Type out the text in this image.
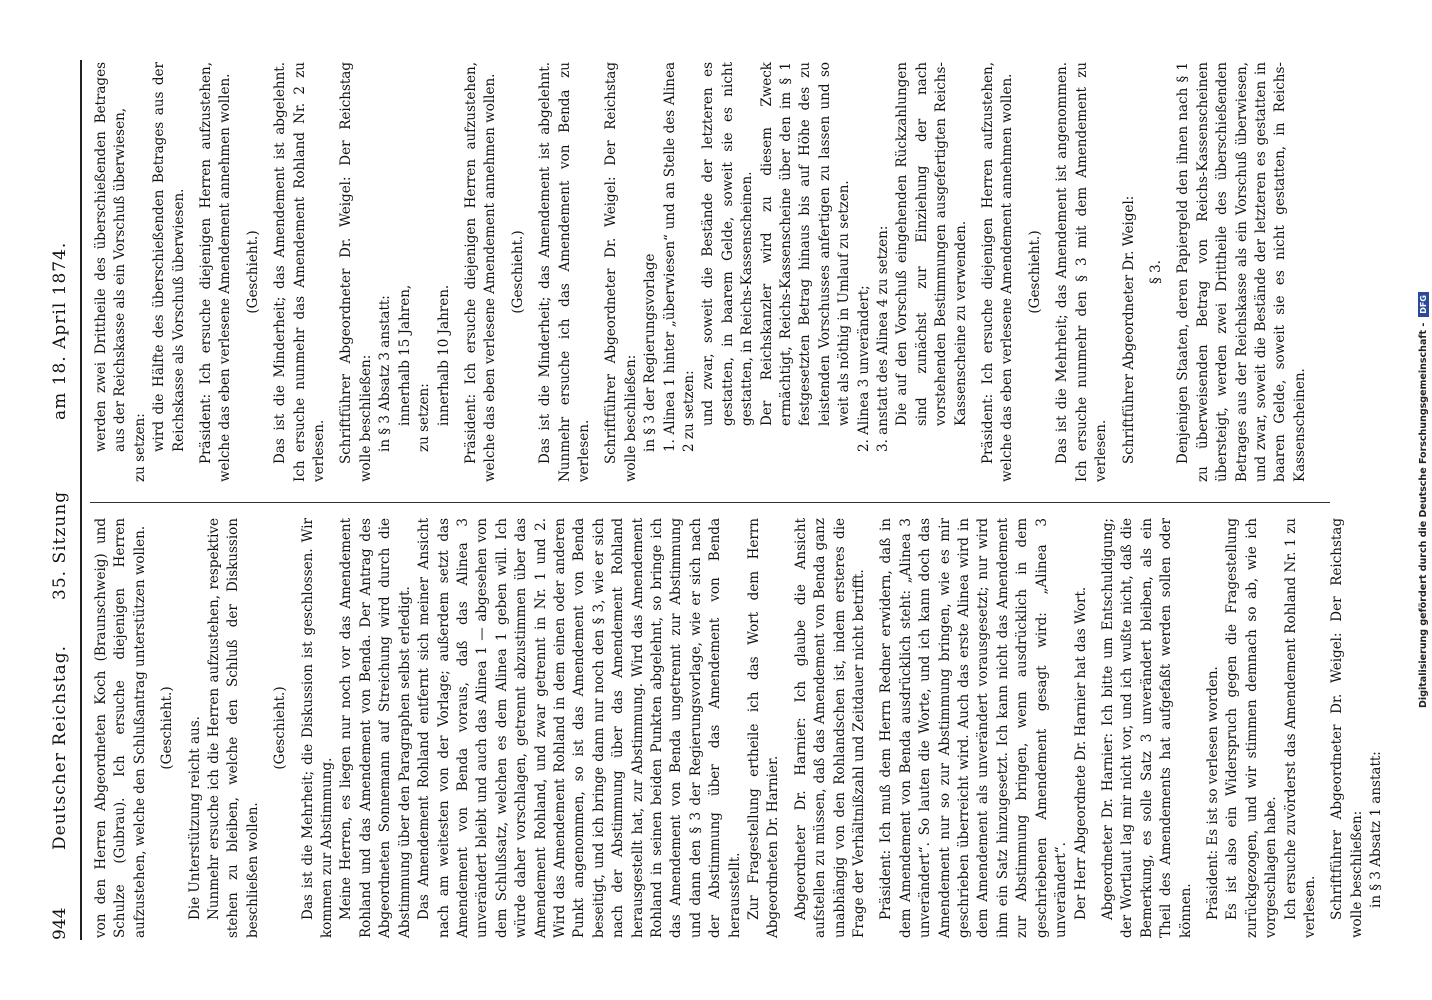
944
Deutscher Reichstag.
35. Sitzung
am 18. April 1874.

von den Herren Abgeordneten Koch (Braunschweig) und Schulze (Gubrau). Ich ersuche diejenigen Herren aufzustehen, welche den Schlußantrag unterstützen wollen. (Geschieht.) Die Unterstützung reicht aus. Nunmehr ersuche ich die Herren aufzustehen, respektive stehen zu bleiben, welche den Schluß der Diskussion beschließen wollen.

(Geschieht.) Das ist die Mehrheit; die Diskussion ist geschlossen. Wir kommen zur Abstimmung. Meine Herren, es liegen nur noch vor das Amendement Rohland und das Amendement von Benda. Der Antrag des Abgeordneten Sonnemann auf Streichung wird durch die Abstimmung über den Paragraphen selbst erledigt. Das Amendement Rohland entfernt sich meiner Ansicht nach am weitesten von der Vorlage; außerdem setzt das Amendement von Benda voraus, daß das Alinea 3 unverändert bleibt und auch das Alinea 1 — abgesehen von dem Schlußsatz, welchen es dem Alinea 1 geben will. Ich würde daher vorschlagen, getrennt abzustimmen über das Amendement Rohland, und zwar getrennt in Nr. 1 und 2. Wird das Amendement Rohland in dem einen oder anderen Punkt angenommen, so ist das Amendement von Benda beseitigt, und ich bringe dann nur noch den § 3, wie er sich nach der Abstimmung über das Amendement Rohland herausgestellt hat, zur Abstimmung. Wird das Amendement Rohland in seinen beiden Punkten abgelehnt, so bringe ich das Amendement von Benda ungetrennt zur Abstimmung und dann den § 3 der Regierungsvorlage, wie er sich nach der Abstimmung über das Amendement von Benda herausstellt. Zur Fragestellung ertheile ich das Wort dem Herrn Abgeordneten Dr. Harnier. Abgeordneter Dr. Harnier: Ich glaube die Ansicht aufstellen zu müssen, daß das Amendement von Benda ganz unabhängig von den Rohlandschen ist, indem ersteres die Frage der Verhältnißzahl und Zeitdauer nicht betrifft. Präsident: Ich muß dem Herrn Redner erwidern, daß in dem Amendement von Benda ausdrücklich steht: „Alinea 3 unverändert“. So lauten die Worte, und ich kann doch das Amendement nur so zur Abstimmung bringen, wie es mir geschrieben überreicht wird. Auch das erste Alinea wird in dem Amendement als unverändert vorausgesetzt; nur wird ihm ein Satz hinzugesetzt. Ich kann nicht das Amendement zur Abstimmung bringen, wenn ausdrücklich in dem geschriebenen Amendement gesagt wird: „Alinea 3 unverändert“. Der Herr Abgeordnete Dr. Harnier hat das Wort. Abgeordneter Dr. Harnier: Ich bitte um Entschuldigung; der Wortlaut lag mir nicht vor, und ich wußte nicht, daß die Bemerkung, es solle Satz 3 unverändert bleiben, als ein Theil des Amendements hat aufgefaßt werden sollen oder können. Präsident: Es ist so verlesen worden. Es ist also ein Widerspruch gegen die Fragestellung zurückgezogen, und wir stimmen demnach so ab, wie ich vorgeschlagen habe. Ich ersuche zuvörderst das Amendement Rohland Nr. 1 zu verlesen. Schriftführer Abgeordneter Dr. Weigel: Der Reichstag wolle beschließen: in § 3 Absatz 1 anstatt:

werden zwei Drittheile des überschießenden Betrages aus der Reichskasse als ein Vorschuß überwiesen, zu setzen: wird die Hälfte des überschießenden Betrages aus der Reichskasse als Vorschuß überwiesen. Präsident: Ich ersuche diejenigen Herren aufzustehen, welche das eben verlesene Amendement annehmen wollen. (Geschieht.) Das ist die Minderheit; das Amendement ist abgelehnt. Ich ersuche nunmehr das Amendement Rohland Nr. 2 zu verlesen. Schriftführer Abgeordneter Dr. Weigel: Der Reichstag wolle beschließen: in § 3 Absatz 3 anstatt: innerhalb 15 Jahren, zu setzen: innerhalb 10 Jahren. Präsident: Ich ersuche diejenigen Herren aufzustehen, welche das eben verlesene Amendement annehmen wollen. (Geschieht.) Das ist die Minderheit; das Amendement ist abgelehnt. Nunmehr ersuche ich das Amendement von Benda zu verlesen. Schriftführer Abgeordneter Dr. Weigel: Der Reichstag wolle beschließen: in § 3 der Regierungsvorlage 1. Alinea 1 hinter „überwiesen“ und an Stelle des Alinea 2 zu setzen: und zwar, soweit die Bestände der letzteren es gestatten, in baarem Gelde, soweit sie es nicht gestatten, in Reichs-Kassenscheinen. Der Reichskanzler wird zu diesem Zweck ermächtigt, Reichs-Kassenscheine über den im § 1 festgesetzten Betrag hinaus bis auf Höhe des zu leistenden Vorschusses anfertigen zu lassen und so weit als nöthig in Umlauf zu setzen. 2. Alinea 3 unverändert; 3. anstatt des Alinea 4 zu setzen: Die auf den Vorschuß eingehenden Rückzahlungen sind zunächst zur Einziehung der nach vorstehenden Bestimmungen ausgefertigten Reichs-Kassenscheine zu verwenden. Präsident: Ich ersuche diejenigen Herren aufzustehen, welche das eben verlesene Amendement annehmen wollen. (Geschieht.) Das ist die Mehrheit; das Amendement ist angenommen. Ich ersuche nunmehr den § 3 mit dem Amendement zu verlesen. Schriftführer Abgeordneter Dr. Weigel: § 3. Denjenigen Staaten, deren Papiergeld den ihnen nach § 1 zu überweisenden Betrag von Reichs-Kassenscheinen übersteigt, werden zwei Drittheile des überschießenden Betrages aus der Reichskasse als ein Vorschuß überwiesen, und zwar, soweit die Bestände der letzteren es gestatten in baaren Gelde, soweit sie es nicht gestatten, in Reichs-Kassenscheinen.	Digitalisierung gefördert durch die Deutsche Forschungsgemeinschaft -
DFG
